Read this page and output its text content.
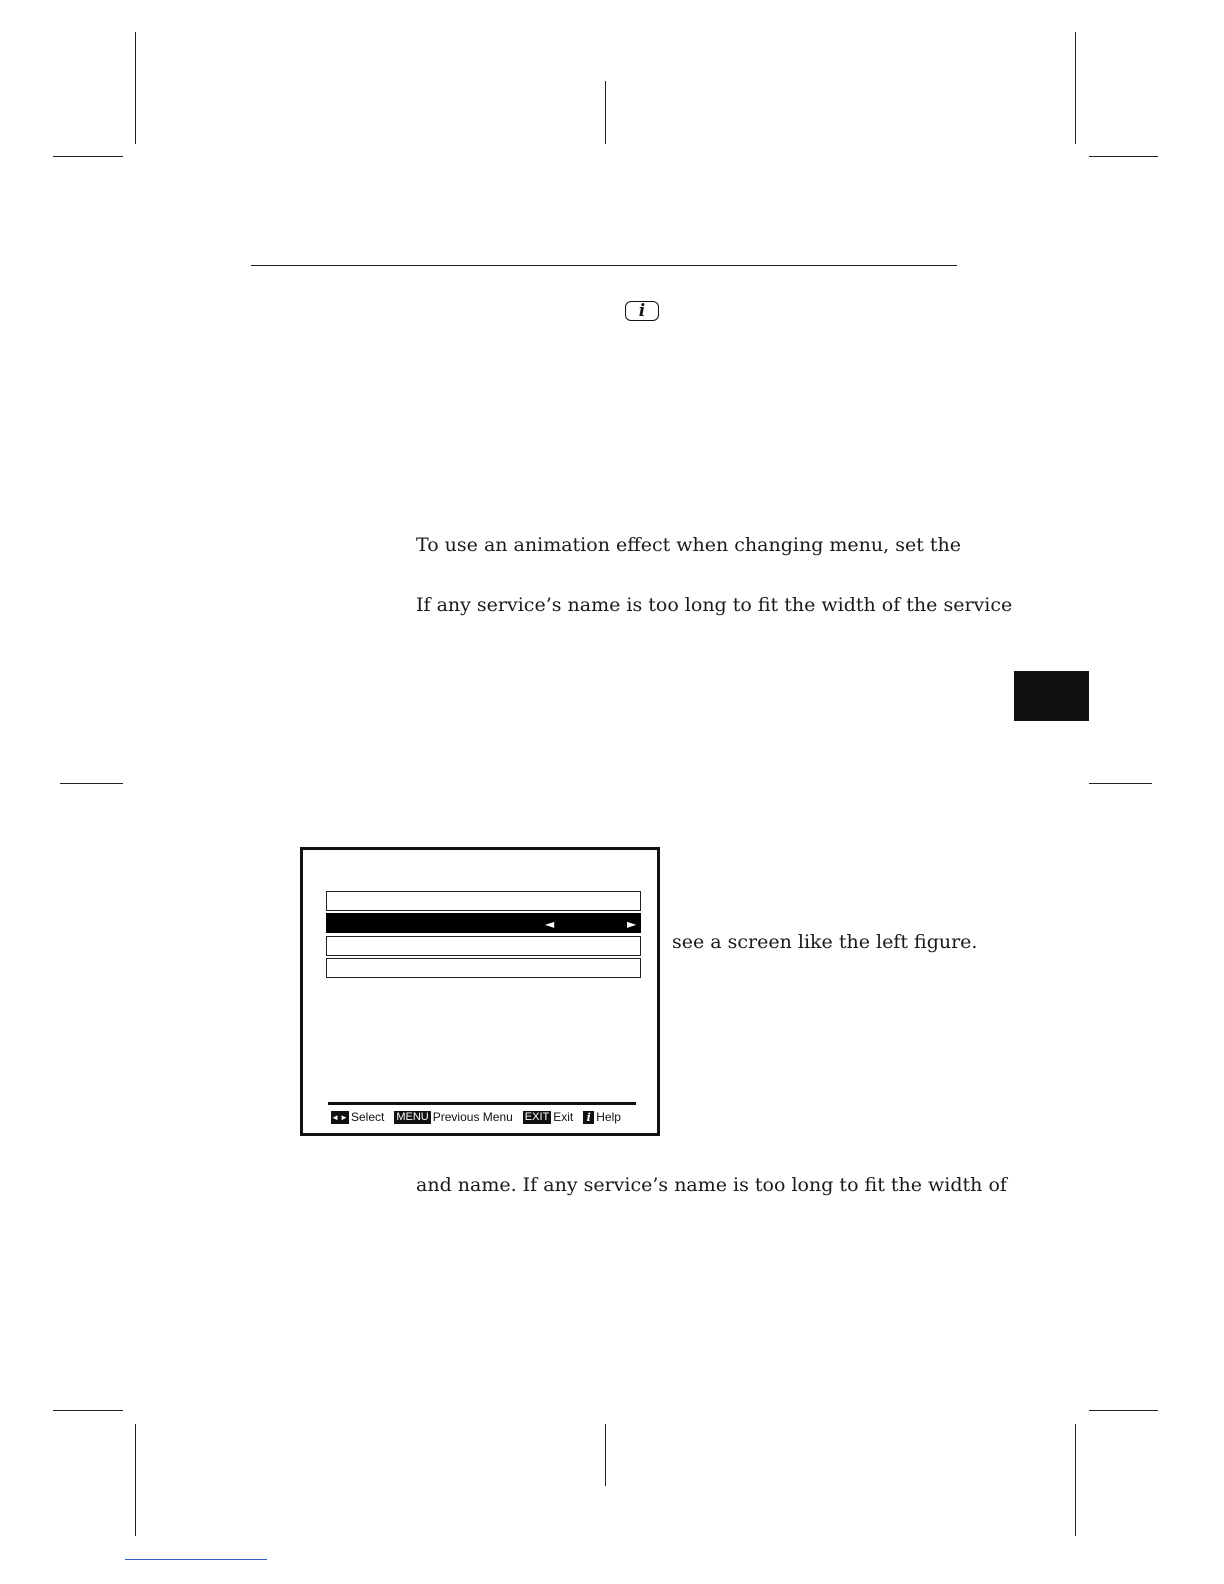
i
To use an animation effect when changing menu, set the
If any service’s name is too long to fit the width of the service
see a screen like the left figure.
and name. If any service’s name is too long to fit the width of
◄	►
◄► Select MENU Previous Menu EXIT Exit	i Help
